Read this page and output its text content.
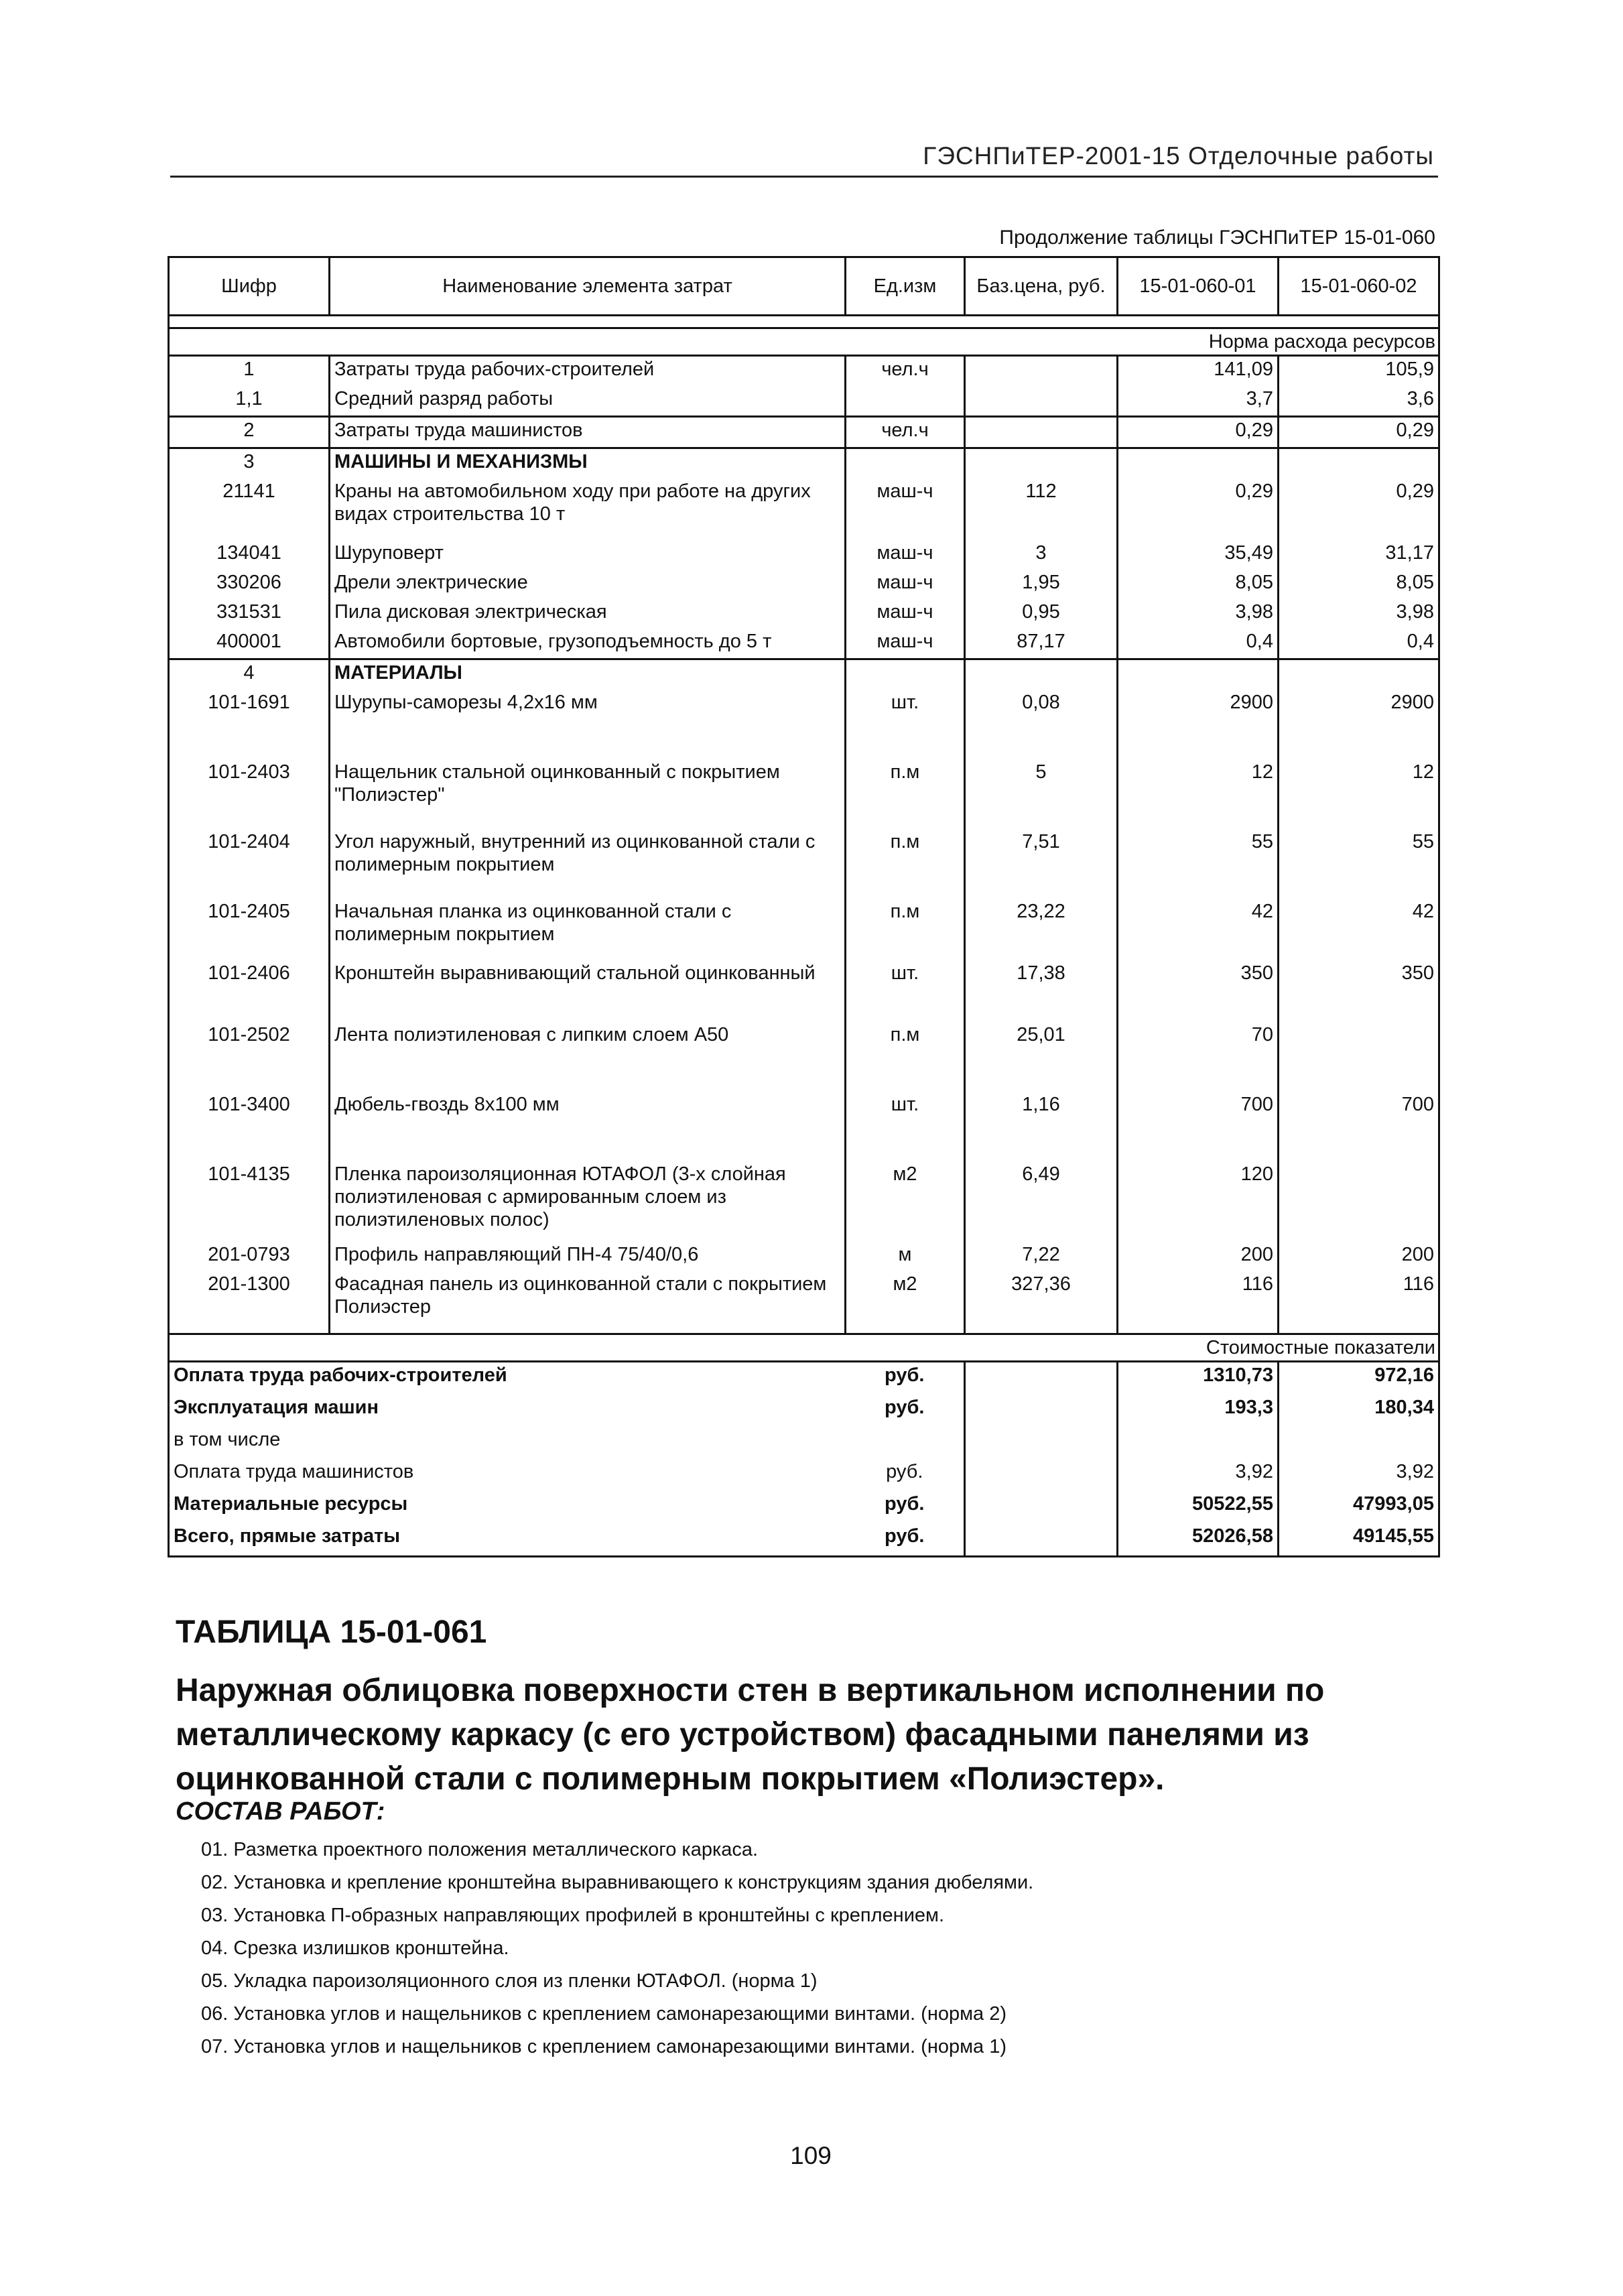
ГЭСНПиТЕР-2001-15 Отделочные работы
Продолжение таблицы ГЭСНПиТЕР 15-01-060
Шифр	Наименование элемента затрат	Ед.изм	Баз.цена, руб.	15-01-060-01	15-01-060-02

Норма расхода ресурсов					
1	Затраты труда рабочих-строителей	чел.ч		141,09	105,9
1,1	Средний разряд работы			3,7	3,6
2	Затраты труда машинистов	чел.ч		0,29	0,29
3	МАШИНЫ И МЕХАНИЗМЫ				
21141	Краны на автомобильном ходу при работе на других видах строительства 10 т	маш-ч	112	0,29	0,29
134041	Шуруповерт	маш-ч	3	35,49	31,17
330206	Дрели электрические	маш-ч	1,95	8,05	8,05
331531	Пила дисковая электрическая	маш-ч	0,95	3,98	3,98
400001	Автомобили бортовые, грузоподъемность до 5 т	маш-ч	87,17	0,4	0,4
4	МАТЕРИАЛЫ				
101-1691	Шурупы-саморезы 4,2х16 мм	шт.	0,08	2900	2900
101-2403	Нащельник стальной оцинкованный с покрытием "Полиэстер"	п.м	5	12	12
101-2404	Угол наружный, внутренний из оцинкованной стали с полимерным покрытием	п.м	7,51	55	55
101-2405	Начальная планка из оцинкованной стали с полимерным покрытием	п.м	23,22	42	42
101-2406	Кронштейн выравнивающий стальной оцинкованный	шт.	17,38	350	350
101-2502	Лента полиэтиленовая с липким слоем А50	п.м	25,01	70	
101-3400	Дюбель-гвоздь 8х100 мм	шт.	1,16	700	700
101-4135	Пленка пароизоляционная ЮТАФОЛ (3-х слойная полиэтиленовая с армированным слоем из полиэтиленовых полос)	м2	6,49	120	
201-0793	Профиль направляющий ПН-4 75/40/0,6	м	7,22	200	200
201-1300	Фасадная панель из оцинкованной стали с покрытием Полиэстер	м2	327,36	116	116
Стоимостные показатели					
Оплата труда рабочих-строителей		руб.		1310,73	972,16
Эксплуатация машин		руб.		193,3	180,34
в том числе					
Оплата труда машинистов		руб.		3,92	3,92
Материальные ресурсы		руб.		50522,55	47993,05
Всего, прямые затраты		руб.		52026,58	49145,55
ТАБЛИЦА 15-01-061
Наружная облицовка поверхности стен в вертикальном исполнении по металлическому каркасу (с его устройством) фасадными панелями из оцинкованной стали с полимерным покрытием «Полиэстер».
СОСТАВ РАБОТ:
01. Разметка проектного положения металлического каркаса.
02. Установка и крепление кронштейна выравнивающего к конструкциям здания дюбелями.
03. Установка П-образных направляющих профилей в кронштейны с креплением.
04. Срезка излишков кронштейна.
05. Укладка пароизоляционного слоя из пленки ЮТАФОЛ. (норма 1)
06. Установка углов и нащельников с креплением самонарезающими винтами. (норма 2)
07. Установка углов и нащельников с креплением самонарезающими винтами. (норма 1)
109
